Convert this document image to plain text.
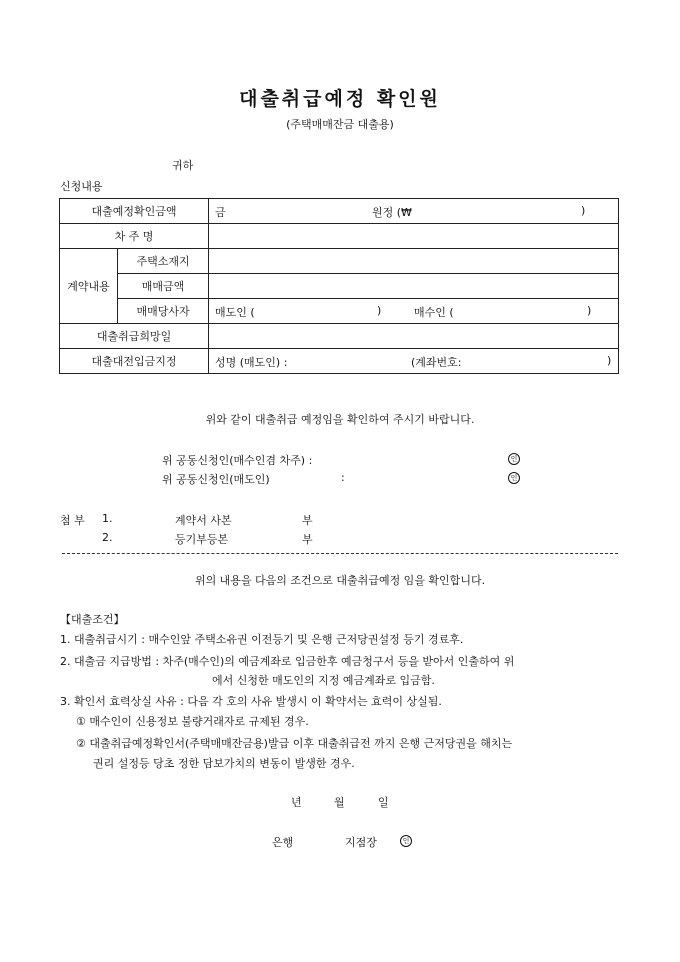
대출취급예정 확인원
(주택매매잔금 대출용)
귀하
신청내용
대출예정확인금액		금 원정 (₩ )

차 주 명		
계약내용	주택소재지	
	매매금액	
	매매당사자	매도인 ( ) 매수인 ( )

대출취급희망일		
대출대전입금지정		성명 (매도인) : (계좌번호: )
위와 같이 대출취급 예정임을 확인하여 주시기 바랍니다.
위 공동신청인(매수인겸 차주) :	인
위 공동신청인(매도인)	:	인
첨 부 1.	계약서 사본	부
2.	등기부등본	부
위의 내용을 다음의 조건으로 대출취급예정 임을 확인합니다.
【대출조건】
1. 대출취급시기 : 매수인앞 주택소유권 이전등기 및 은행 근저당권설정 등기 경료후.
2. 대출금 지급방법 : 차주(매수인)의 예금계좌로 입금한후 예금청구서 등을 받아서 인출하여 위
에서 신청한 매도인의 지정 예금계좌로 입금함.
3. 확인서 효력상실 사유 : 다음 각 호의 사유 발생시 이 확약서는 효력이 상실됨.
① 매수인이 신용정보 불량거래자로 규제된 경우.
② 대출취급예정확인서(주택매매잔금용)발급 이후 대출취급전 까지 은행 근저당권을 해치는
권리 설정등 당초 정한 담보가치의 변동이 발생한 경우.
년	월	일
은행	지점장	인
